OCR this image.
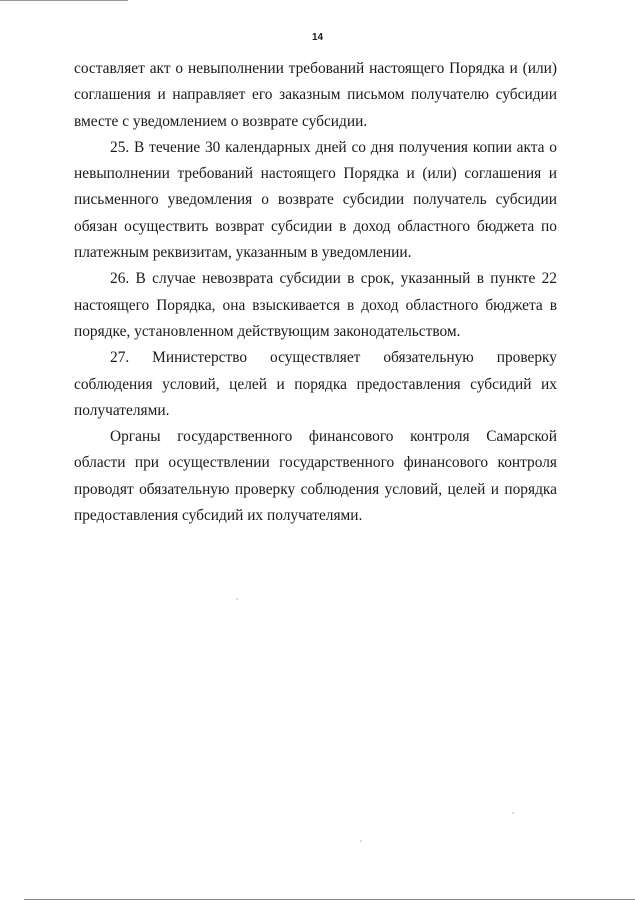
14

составляет акт о невыполнении требований настоящего Порядка и (или) соглашения и направляет его заказным письмом получателю субсидии вместе с уведомлением о возврате субсидии.

25. В течение 30 календарных дней со дня получения копии акта о невыполнении требований настоящего Порядка и (или) соглашения и письменного уведомления о возврате субсидии получатель субсидии обязан осуществить возврат субсидии в доход областного бюджета по платежным реквизитам, указанным в уведомлении.

26. В случае невозврата субсидии в срок, указанный в пункте 22 настоящего Порядка, она взыскивается в доход областного бюджета в порядке, установленном действующим законодательством.

27. Министерство осуществляет обязательную проверку соблюдения условий, целей и порядка предоставления субсидий их получателями.

Органы государственного финансового контроля Самарской области при осуществлении государственного финансового контроля проводят обязательную проверку соблюдения условий, целей и порядка предоставления субсидий их получателями.
